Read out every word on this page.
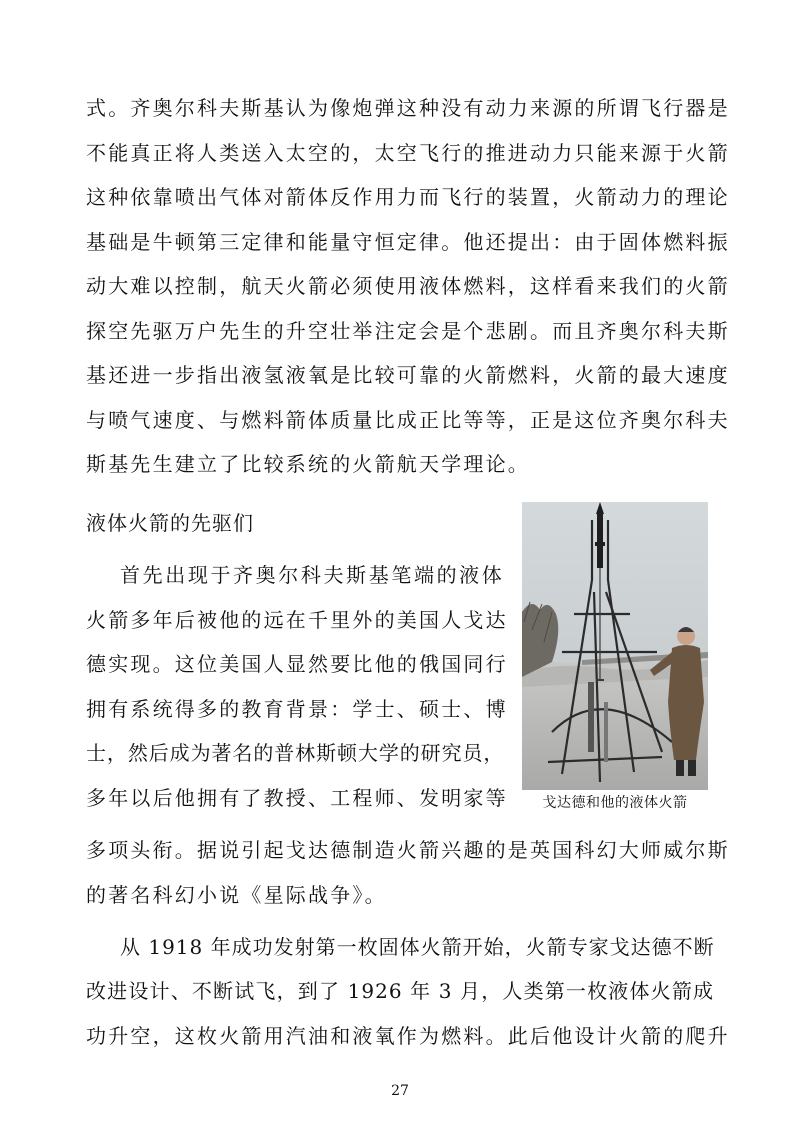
式。齐奥尔科夫斯基认为像炮弹这种没有动力来源的所谓飞行器是
不能真正将人类送入太空的，太空飞行的推进动力只能来源于火箭
这种依靠喷出气体对箭体反作用力而飞行的装置，火箭动力的理论
基础是牛顿第三定律和能量守恒定律。他还提出：由于固体燃料振
动大难以控制，航天火箭必须使用液体燃料，这样看来我们的火箭
探空先驱万户先生的升空壮举注定会是个悲剧。而且齐奥尔科夫斯
基还进一步指出液氢液氧是比较可靠的火箭燃料，火箭的最大速度
与喷气速度、与燃料箭体质量比成正比等等，正是这位齐奥尔科夫
斯基先生建立了比较系统的火箭航天学理论。
液体火箭的先驱们
首先出现于齐奥尔科夫斯基笔端的液体
火箭多年后被他的远在千里外的美国人戈达
德实现。这位美国人显然要比他的俄国同行
拥有系统得多的教育背景：学士、硕士、博
士，然后成为著名的普林斯顿大学的研究员，
多年以后他拥有了教授、工程师、发明家等
多项头衔。据说引起戈达德制造火箭兴趣的是英国科幻大师威尔斯
的著名科幻小说《星际战争》。
从 1918 年成功发射第一枚固体火箭开始，火箭专家戈达德不断
改进设计、不断试飞，到了 1926 年 3 月，人类第一枚液体火箭成
功升空，这枚火箭用汽油和液氧作为燃料。此后他设计火箭的爬升
戈达德和他的液体火箭
27
